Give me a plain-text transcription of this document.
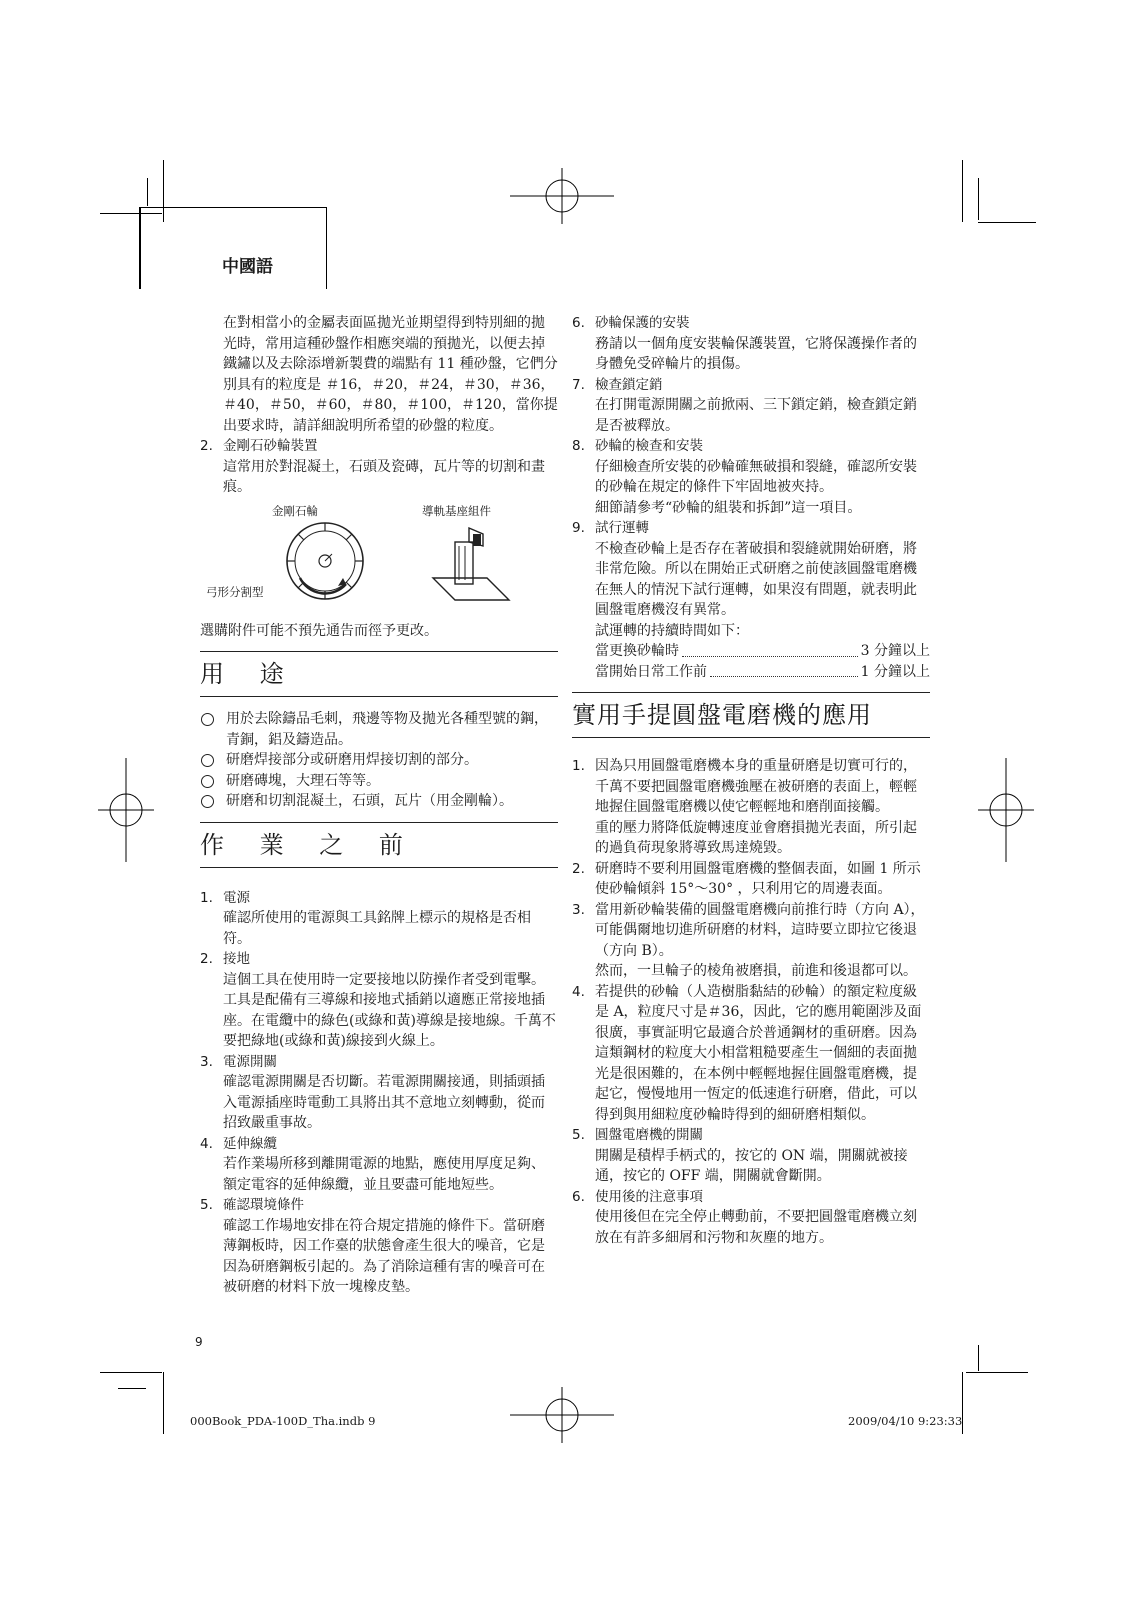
中國語

在對相當小的金屬表面區拋光並期望得到特別細的拋光時，常用這種砂盤作相應突端的預拋光，以便去掉鐵鏽以及去除添增新製費的端點有 11 種砂盤，它們分別具有的粒度是 ＃16，＃20，＃24，＃30，＃36，＃40，＃50，＃60，＃80，＃100，＃120，當你提出要求時，請詳細說明所希望的砂盤的粒度。

2. 金剛石砂輪裝置

這常用於對混凝土，石頭及瓷磚，瓦片等的切割和畫痕。

金剛石輪	導軌基座組件
弓形分割型

選購附件可能不預先通告而徑予更改。

用 途

用於去除鑄品毛刺，飛邊等物及拋光各種型號的鋼，青銅，鋁及鑄造品。

研磨焊接部分或研磨用焊接切割的部分。

研磨磚塊，大理石等等。

研磨和切割混凝土，石頭，瓦片（用金剛輪）。

作 業 之 前

1. 電源

確認所使用的電源與工具銘牌上標示的規格是否相符。

2. 接地

這個工具在使用時一定要接地以防操作者受到電擊。工具是配備有三導線和接地式插銷以適應正常接地插座。在電纜中的綠色(或綠和黃)導線是接地線。千萬不要把綠地(或綠和黃)線接到火線上。

3. 電源開關

確認電源開關是否切斷。若電源開關接通，則插頭插入電源插座時電動工具將出其不意地立刻轉動，從而招致嚴重事故。

4. 延伸線纜

若作業場所移到離開電源的地點，應使用厚度足夠、額定電容的延伸線纜，並且要盡可能地短些。

5. 確認環境條件

確認工作場地安排在符合規定措施的條件下。當研磨薄鋼板時，因工作臺的狀態會產生很大的噪音，它是因為研磨鋼板引起的。為了消除這種有害的噪音可在被研磨的材料下放一塊橡皮墊。

6. 砂輪保護的安裝

務請以一個角度安裝輪保護裝置，它將保護操作者的身體免受碎輪片的損傷。

7. 檢查鎖定銷

在打開電源開關之前掀兩、三下鎖定銷，檢查鎖定銷是否被釋放。

8. 砂輪的檢查和安裝

仔細檢查所安裝的砂輪確無破損和裂縫，確認所安裝的砂輪在規定的條件下牢固地被夾持。

細節請參考“砂輪的組裝和拆卸”這一項目。

9. 試行運轉

不檢查砂輪上是否存在著破損和裂縫就開始研磨，將非常危險。所以在開始正式研磨之前使該圓盤電磨機在無人的情況下試行運轉，如果沒有問題，就表明此圓盤電磨機沒有異常。

試運轉的持續時間如下：

當更換砂輪時	3 分鐘以上
當開始日常工作前	1 分鐘以上
實用手提圓盤電磨機的應用

1. 因為只用圓盤電磨機本身的重量研磨是切實可行的，千萬不要把圓盤電磨機強壓在被研磨的表面上，輕輕地握住圓盤電磨機以使它輕輕地和磨削面接觸。

重的壓力將降低旋轉速度並會磨損拋光表面，所引起的過負荷現象將導致馬達燒毀。

2. 研磨時不要利用圓盤電磨機的整個表面，如圖 1 所示使砂輪傾斜 15°～30° ，只利用它的周邊表面。

3. 當用新砂輪裝備的圓盤電磨機向前推行時（方向 A），可能偶爾地切進所研磨的材料，這時要立即拉它後退（方向 B）。

然而，一旦輪子的棱角被磨損，前進和後退都可以。

4. 若提供的砂輪（人造樹脂黏結的砂輪）的額定粒度級是 A，粒度尺寸是＃36，因此，它的應用範圍涉及面很廣，事實証明它最適合於普通鋼材的重研磨。因為這類鋼材的粒度大小相當粗糙要產生一個細的表面拋光是很困難的，在本例中輕輕地握住圓盤電磨機，提起它，慢慢地用一恆定的低速進行研磨，借此，可以得到與用細粒度砂輪時得到的細研磨相類似。

5. 圓盤電磨機的開關

開關是積桿手柄式的，按它的 ON 端，開關就被接通，按它的 OFF 端，開關就會斷開。

6. 使用後的注意事項

使用後但在完全停止轉動前，不要把圓盤電磨機立刻放在有許多細屑和污物和灰塵的地方。

9
000Book_PDA-100D_Tha.indb 9	2009/04/10 9:23:33
